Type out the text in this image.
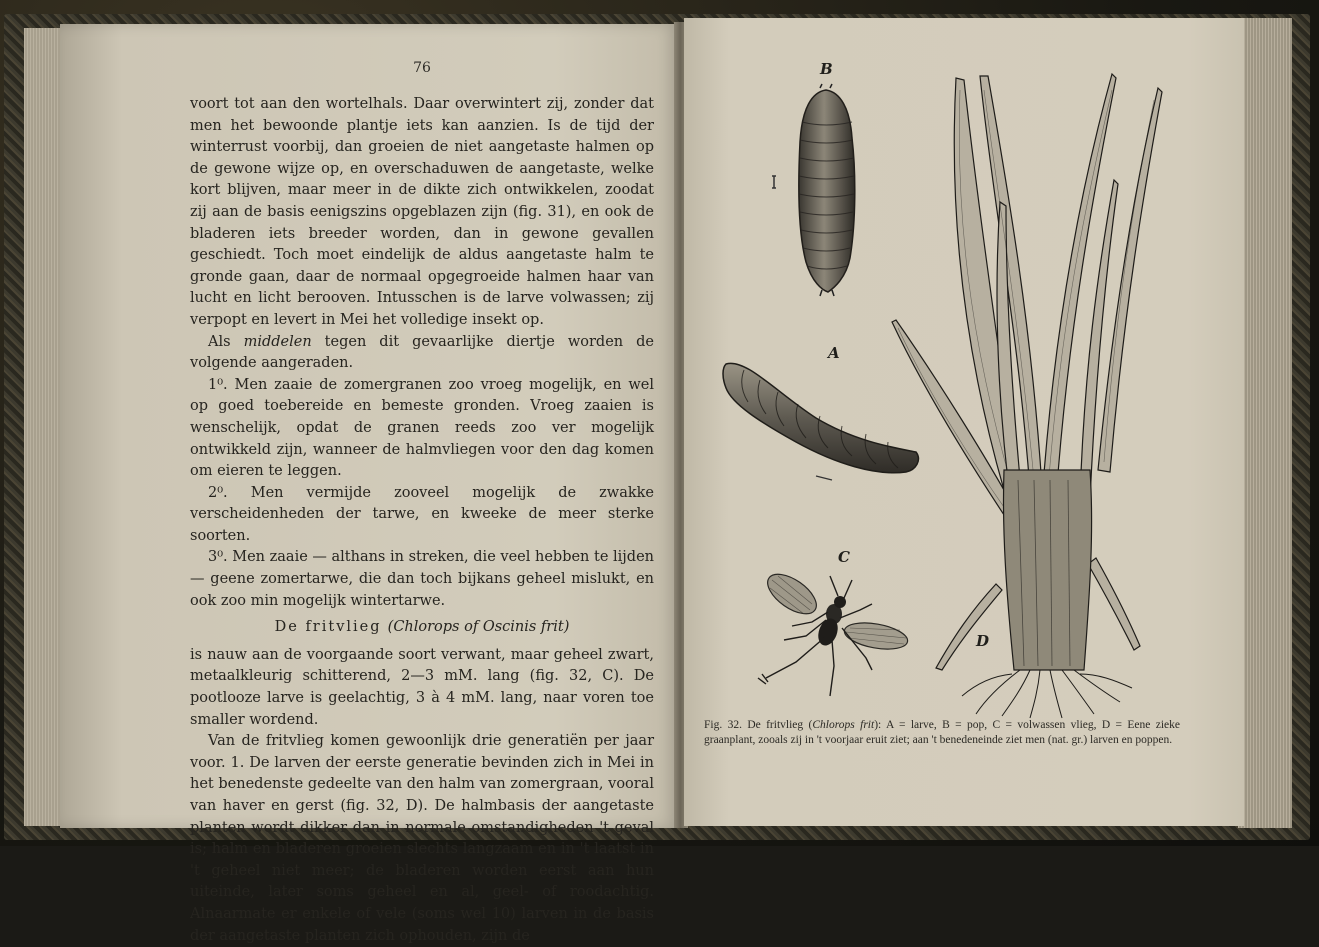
76

voort tot aan den wortelhals. Daar overwintert zij, zonder dat men het bewoonde plantje iets kan aanzien. Is de tijd der winterrust voorbij, dan groeien de niet aangetaste halmen op de gewone wijze op, en overschaduwen de aangetaste, welke kort blijven, maar meer in de dikte zich ontwikkelen, zoodat zij aan de basis eenigszins opgeblazen zijn (fig. 31), en ook de bladeren iets breeder worden, dan in gewone gevallen geschiedt. Toch moet eindelijk de aldus aangetaste halm te gronde gaan, daar de normaal opgegroeide halmen haar van lucht en licht berooven. Intusschen is de larve volwassen; zij verpopt en levert in Mei het volledige insekt op.

Als middelen tegen dit gevaarlijke diertje worden de volgende aangeraden.

1⁰. Men zaaie de zomergranen zoo vroeg mogelijk, en wel op goed toebereide en bemeste gronden. Vroeg zaaien is wenschelijk, opdat de granen reeds zoo ver mogelijk ontwikkeld zijn, wanneer de halmvliegen voor den dag komen om eieren te leggen.

2⁰. Men vermijde zooveel mogelijk de zwakke verscheidenheden der tarwe, en kweeke de meer sterke soorten.

3⁰. Men zaaie — althans in streken, die veel hebben te lijden — geene zomertarwe, die dan toch bijkans geheel mislukt, en ook zoo min mogelijk wintertarwe.

De fritvlieg (Chlorops of Oscinis frit)

is nauw aan de voorgaande soort verwant, maar geheel zwart, metaalkleurig schitterend, 2—3 mM. lang (fig. 32, C). De pootlooze larve is geelachtig, 3 à 4 mM. lang, naar voren toe smaller wordend.

Van de fritvlieg komen gewoonlijk drie generatiën per jaar voor. 1. De larven der eerste generatie bevinden zich in Mei in het benedenste gedeelte van den halm van zomergraan, vooral van haver en gerst (fig. 32, D). De halmbasis der aangetaste planten wordt dikker dan in normale omstandigheden 't geval is; halm en bladeren groeien slechts langzaam en in 't laatst in 't geheel niet meer; de bladeren worden eerst aan hun uiteinde, later soms geheel en al, geel- of roodachtig. Alnaarmate er enkele of vele (soms wel 10) larven in de basis der aangetaste planten zich ophouden, zijn de

B
A
C
D
Fig. 32. De fritvlieg (Chlorops frit): A = larve, B = pop, C = volwassen vlieg, D = Eene zieke graanplant, zooals zij in 't voorjaar eruit ziet; aan 't benedeneinde ziet men (nat. gr.) larven en poppen.
